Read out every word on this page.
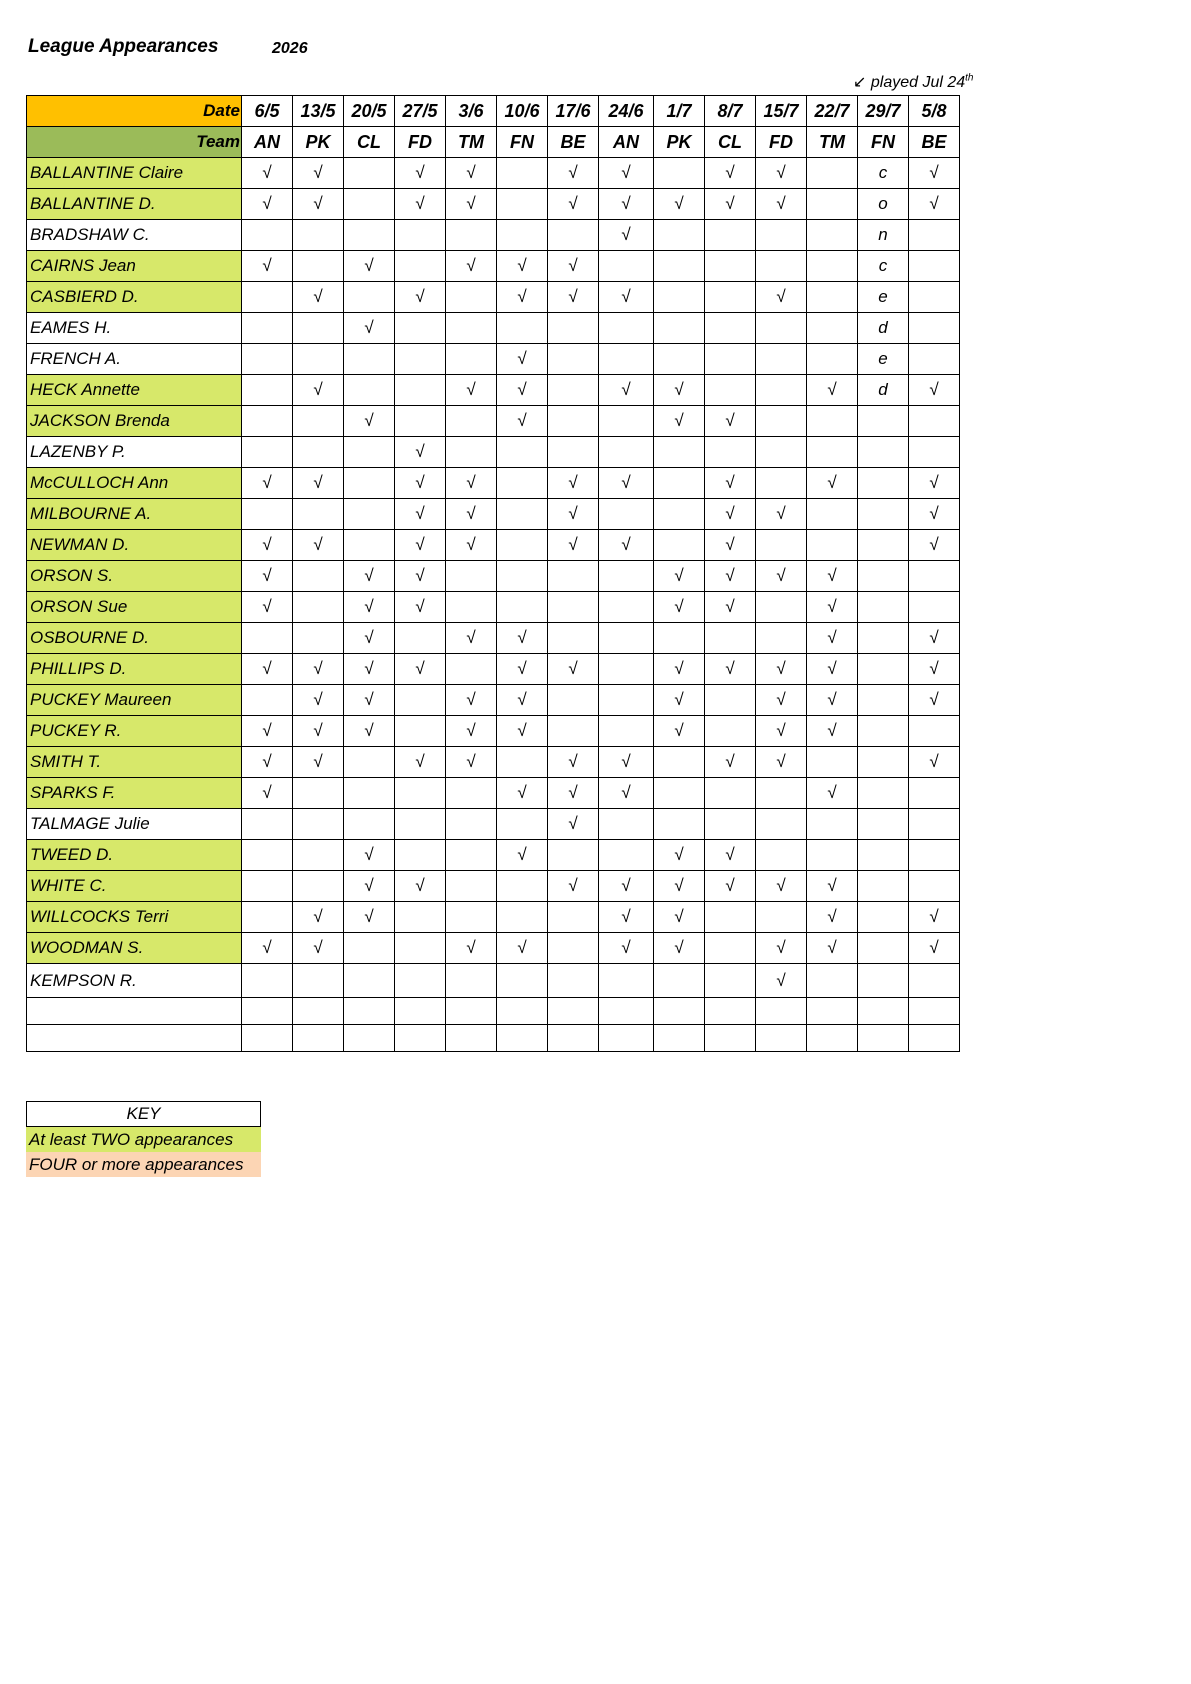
League Appearances	2026
↙ played Jul 24th
Date	6/5	13/5	20/5	27/5	3/6	10/6	17/6	24/6	1/7	8/7	15/7	22/7	29/7	5/8
Team	AN	PK	CL	FD	TM	FN	BE	AN	PK	CL	FD	TM	FN	BE
BALLANTINE Claire	√	√		√	√		√	√		√	√		c	√
BALLANTINE D.	√	√		√	√		√	√	√	√	√		o	√
BRADSHAW C.								√					n	
CAIRNS Jean	√		√		√	√	√						c	
CASBIERD D.		√		√		√	√	√			√		e	
EAMES H.			√										d	
FRENCH A.						√							e	
HECK Annette		√			√	√		√	√			√	d	√
JACKSON Brenda			√			√			√	√				
LAZENBY P.				√										
McCULLOCH Ann	√	√		√	√		√	√		√		√		√
MILBOURNE A.				√	√		√			√	√			√
NEWMAN D.	√	√		√	√		√	√		√				√
ORSON S.	√		√	√					√	√	√	√		
ORSON Sue	√		√	√					√	√		√		
OSBOURNE D.			√		√	√						√		√
PHILLIPS D.	√	√	√	√		√	√		√	√	√	√		√
PUCKEY Maureen		√	√		√	√			√		√	√		√
PUCKEY R.	√	√	√		√	√			√		√	√		
SMITH T.	√	√		√	√		√	√		√	√			√
SPARKS F.	√					√	√	√				√		
TALMAGE Julie							√							
TWEED D.			√			√			√	√				
WHITE C.			√	√			√	√	√	√	√	√		
WILLCOCKS Terri		√	√					√	√			√		√
WOODMAN S.	√	√			√	√		√	√		√	√		√
KEMPSON R.											√			

KEY
At least TWO appearances
FOUR or more appearances
